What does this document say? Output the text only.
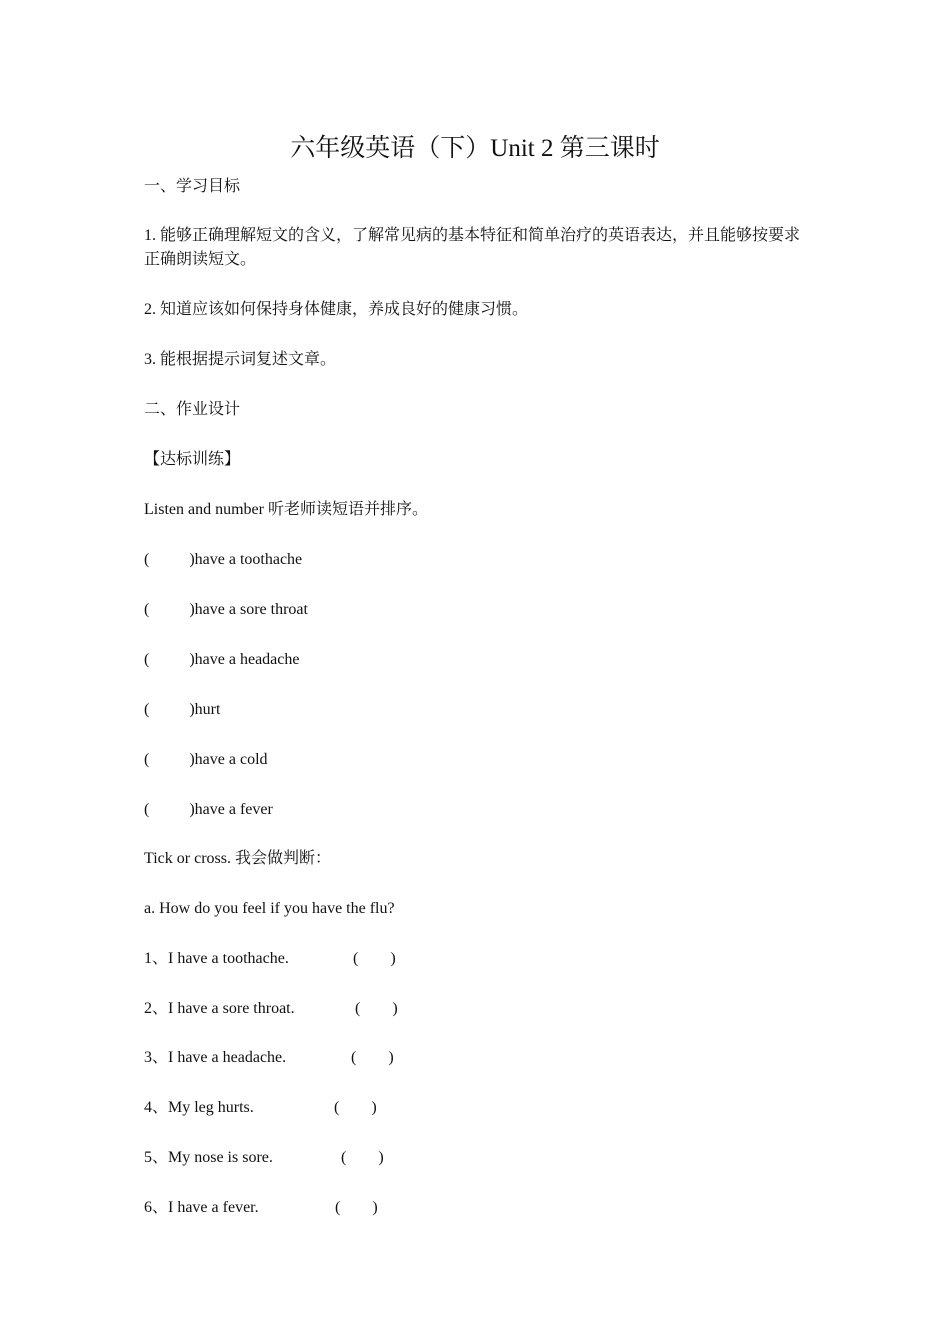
六年级英语（下）Unit 2 第三课时
一、学习目标
1. 能够正确理解短文的含义，了解常见病的基本特征和简单治疗的英语表达，并且能够按要求正确朗读短文。
2. 知道应该如何保持身体健康，养成良好的健康习惯。
3. 能根据提示词复述文章。
二、作业设计
【达标训练】
Listen and number 听老师读短语并排序。
(	)have a toothache
(	)have a sore throat
(	)have a headache
(	)hurt
(	)have a cold
(	)have a fever
Tick or cross. 我会做判断：
a. How do you feel if you have the flu?
1、I have a toothache.	(        )
2、I have a sore throat.	(        )
3、I have a headache.	(        )
4、My leg hurts.	(        )
5、My nose is sore.	(        )
6、I have a fever.	(        )
